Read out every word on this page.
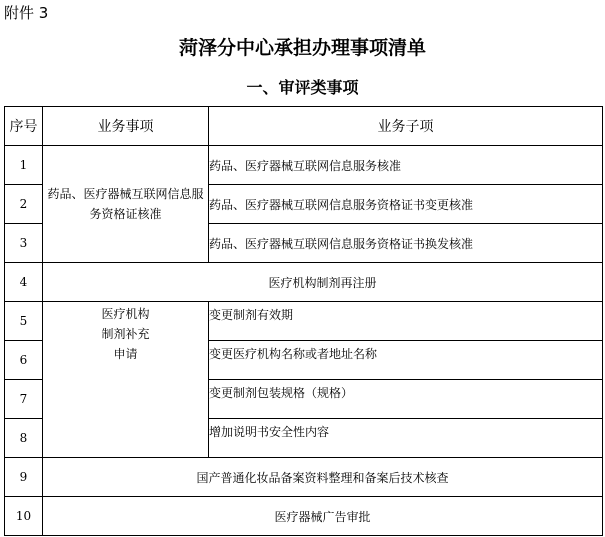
附件 3
菏泽分中心承担办理事项清单
一、审评类事项
序号	业务事项	业务子项
1	药品、医疗器械互联网信息服务资格证核准	药品、医疗器械互联网信息服务核准
2		药品、医疗器械互联网信息服务资格证书变更核准
3		药品、医疗器械互联网信息服务资格证书换发核准
4	医疗机构制剂再注册	
5	医疗机构
制剂补充
申请	变更制剂有效期
6		变更医疗机构名称或者地址名称
7		变更制剂包装规格（规格）
8		增加说明书安全性内容
9	国产普通化妆品备案资料整理和备案后技术核查	
10	医疗器械广告审批	
